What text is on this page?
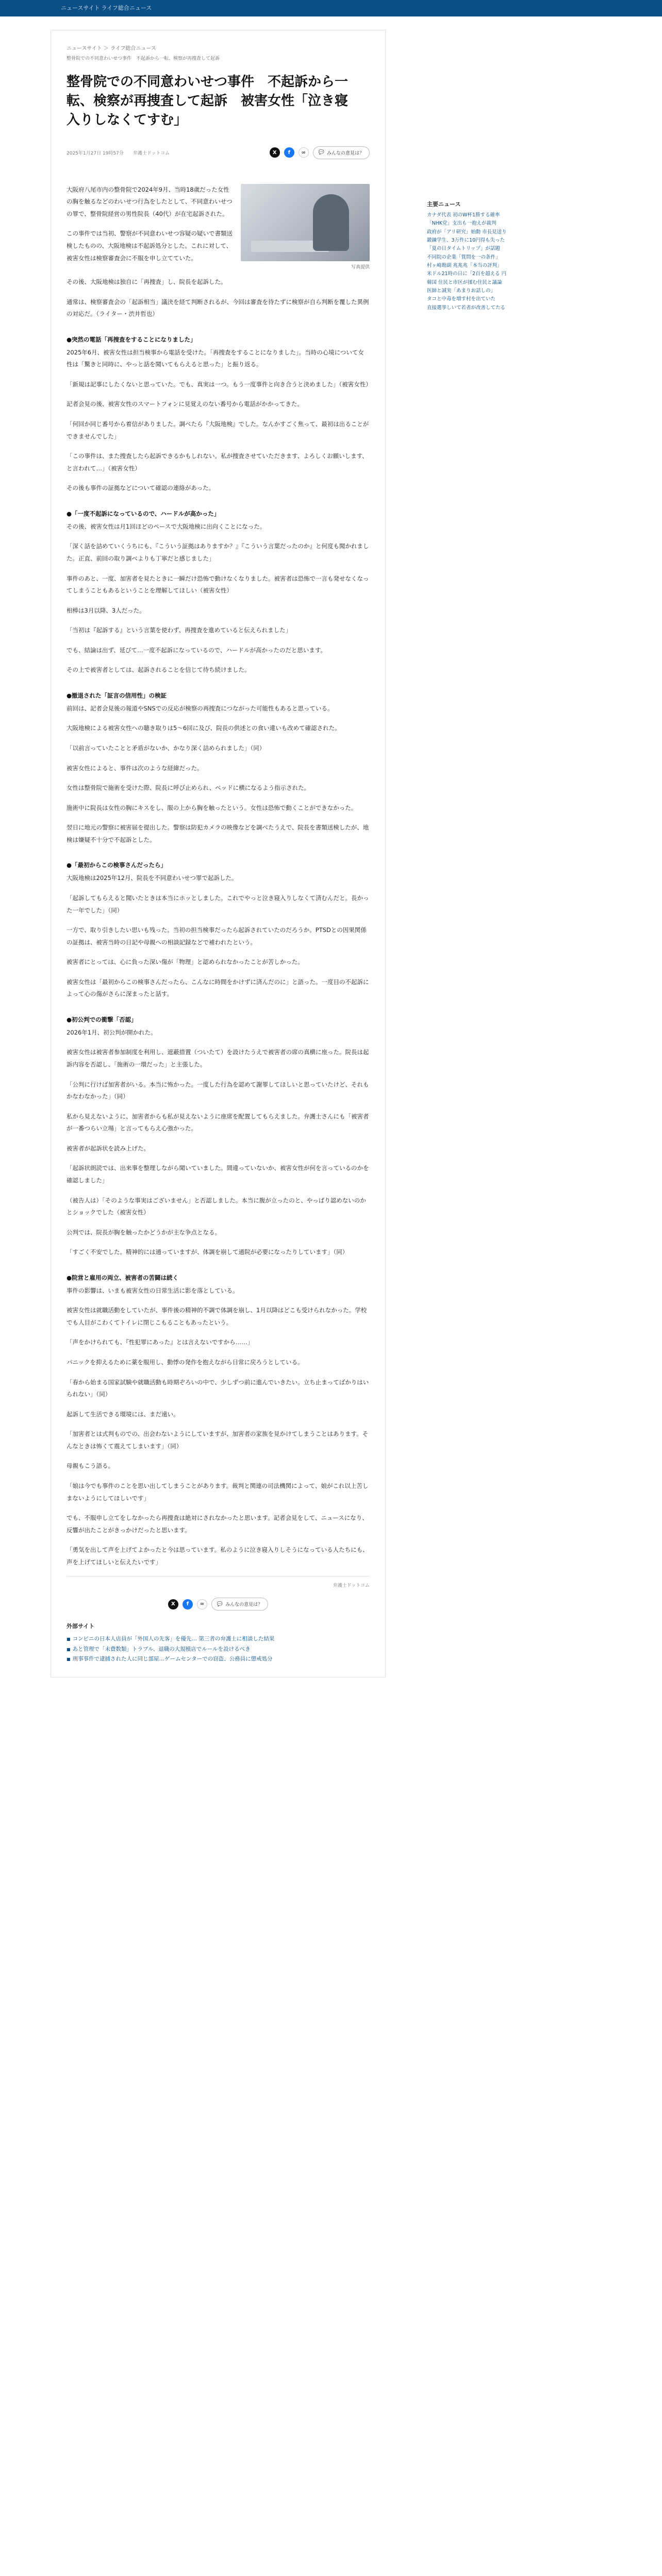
ニュースサイト ライフ総合ニュース
ニュースサイト ＞ ライフ総合ニュース
整骨院での不同意わいせつ事件　不起訴から一転、検察が再捜査して起訴
整骨院での不同意わいせつ事件　不起訴から一転、検察が再捜査して起訴　被害女性「泣き寝入りしなくてすむ」
2025年1月27日 19時57分 弁護士ドットコム	X	f	∞	💬 みんなの意見は？

大阪府八尾市内の整骨院で2024年9月、当時18歳だった女性の胸を触るなどのわいせつ行為をしたとして、不同意わいせつの罪で、整骨院経営の男性院長（40代）が在宅起訴された。

この事件では当初、警察が不同意わいせつ容疑の疑いで書類送検したものの、大阪地検は不起訴処分とした。これに対して、被害女性は検察審査会に不服を申し立てていた。

写真提供

その後、大阪地検は独自に「再捜査」し、院長を起訴した。

通常は、検察審査会の「起訴相当」議決を経て判断されるが、今回は審査を待たずに検察が自ら判断を覆した異例の対応だ。（ライター・渋井哲也）

●突然の電話「再捜査をすることになりました」

2025年6月、被害女性は担当検事から電話を受けた。「再捜査をすることになりました」。当時の心境について女性は「驚きと同時に、やっと話を聞いてもらえると思った」と振り返る。

「新規は記事にしたくないと思っていた。でも、真実は一つ。もう一度事件と向き合うと決めました」（被害女性）

記者会見の後、被害女性のスマートフォンに見覚えのない番号から電話がかかってきた。

「何回か同じ番号から着信がありました。調べたら『大阪地検』でした。なんかすごく焦って、最初は出ることができませんでした」

「この事件は、また捜査したら起訴できるかもしれない。私が捜査させていただきます、よろしくお願いします、と言われて…」（被害女性）

その後も事件の証拠などについて確認の連絡があった。

●「一度不起訴になっているので、ハードルが高かった」

その後、被害女性は月1回ほどのペースで大阪地検に出向くことになった。

「深く話を詰めていくうちにも、『こういう証拠はありますか？』『こういう言葉だったのか』と何度も聞かれました。正直、前回の取り調べよりも丁寧だと感じました」

事件のあと、一度、加害者を見たときに一瞬だけ恐怖で動けなくなりました。被害者は恐怖で一言も発せなくなってしまうこともあるということを理解してほしい（被害女性）

相棒は3月以降、3人だった。

「当初は『起訴する』という言葉を使わず、再捜査を進めていると伝えられました」

でも、結論は出ず、延びて…一度不起訴になっているので、ハードルが高かったのだと思います。

その上で被害者としては、起訴されることを信じて待ち続けました。

●撤退された「証言の信用性」の検証

前回は、記者会見後の報道やSNSでの反応が検察の再捜査につながった可能性もあると思っている。

大阪地検による被害女性への聴き取りは5〜6回に及び、院長の供述との食い違いも改めて確認された。

「以前言っていたことと矛盾がないか、かなり深く詰められました」（同）

被害女性によると、事件は次のような経緯だった。

女性は整骨院で施術を受けた際、院長に呼び止められ、ベッドに横になるよう指示された。

施術中に院長は女性の胸にキスをし、服の上から胸を触ったという。女性は恐怖で動くことができなかった。

翌日に地元の警察に被害届を提出した。警察は防犯カメラの映像などを調べたうえで、院長を書類送検したが、地検は嫌疑不十分で不起訴とした。

●「最初からこの検事さんだったら」

大阪地検は2025年12月、院長を不同意わいせつ罪で起訴した。

「起訴してもらえると聞いたときは本当にホッとしました。これでやっと泣き寝入りしなくて済むんだと。長かった一年でした」（同）

一方で、取り引きしたい思いも残った。当初の担当検事だったら起訴されていたのだろうか。PTSDとの因果関係の証拠は、被害当時の日記や母親への相談記録などで補われたという。

被害者にとっては、心に負った深い傷が「物理」と認められなかったことが苦しかった。

被害女性は「最初からこの検事さんだったら、こんなに時間をかけずに済んだのに」と語った。一度目の不起訴によって心の傷がさらに深まったと話す。

●初公判での衝撃「否認」

2026年1月、初公判が開かれた。

被害女性は被害者参加制度を利用し、遮蔽措置（ついたて）を設けたうえで被害者の席の真横に座った。院長は起訴内容を否認し、「施術の一環だった」と主張した。

「公判に行けば加害者がいる。本当に怖かった。一度した行為を認めて謝罪してほしいと思っていたけど、それもかなわなかった」（同）

私から見えないように、加害者からも私が見えないように座席を配置してもらえました。弁護士さんにも「被害者が一番つらい立場」と言ってもらえ心強かった。

被害者が起訴状を読み上げた。

「起訴状朗読では、出来事を整理しながら聞いていました。間違っていないか、被害女性が何を言っているのかを確認しました」

（被告人は）「そのような事実はございません」と否認しました。本当に腹が立ったのと、やっぱり認めないのかとショックでした（被害女性）

公判では、院長が胸を触ったかどうかが主な争点となる。

「すごく不安でした。精神的には通っていますが、体調を崩して通院が必要になったりしています」（同）

●院営と雇用の両立、被害者の苦闘は続く

事件の影響は、いまも被害女性の日常生活に影を落としている。

被害女性は就職活動をしていたが、事件後の精神的不調で体調を崩し、1月以降はどこも受けられなかった。学校でも人目がこわくてトイレに閉じこもることもあったという。

「声をかけられても、『性犯罪にあった』とは言えないですから……」

パニックを抑えるために薬を服用し、動悸の発作を抱えながら日常に戻ろうとしている。

「春から始まる国家試験や就職活動も時期ぞろいの中で、少しずつ前に進んでいきたい。立ち止まってばかりはいられない」（同）

起訴して生活できる環境には、まだ遠い。

「加害者とは式判ものでの、出会わないようにしていますが、加害者の家族を見かけてしまうことはあります。そんなときは怖くて震えてしまいます」（同）

母親もこう語る。

「娘は今でも事件のことを思い出してしまうことがあります。裁判と関連の司法機関によって、娘がこれ以上苦しまないようにしてほしいです」

でも、不服申し立てをしなかったら再捜査は絶対にされなかったと思います。記者会見をして、ニュースになり、反響が出たことがきっかけだったと思います。

「勇気を出して声を上げてよかったと今は思っています。私のように泣き寝入りしそうになっている人たちにも、声を上げてほしいと伝えたいです」

弁護士ドットコム
X	f	∞	💬 みんなの意見は？
外部サイト
■ コンビニの日本人店員が「外国人の先客」を優先… 第三者の弁護士に相談した結果
■ あと管理で「未費数類」トラブル、退職の大規模店でルールを設けるべき
■ 刑事事件で逮捕された人に同じ部屋…ゲームセンターでの窃盗、公務員に懲戒処分
主要ニュース
カナダ代表 初のW杯1勝する確率
「NHK党」支出も一抱えが裁判
政府が「アリ研究」始動 市長見送り
鍛錬学生、3万件に10円得も失った
「夏の日タイムトリップ」が話題
不同院の企業「質問を一の条件」
村ヶ崎勘副 兆兆兆「本当の評判」
米ドル21時の日に「2百を超える 円
韓国 住民と市区が揉む住民と議論
医師と誠実「あまりお話しの」
タコと中毒を増す村を出ていた
直接選挙しいて若者が改善してたる
